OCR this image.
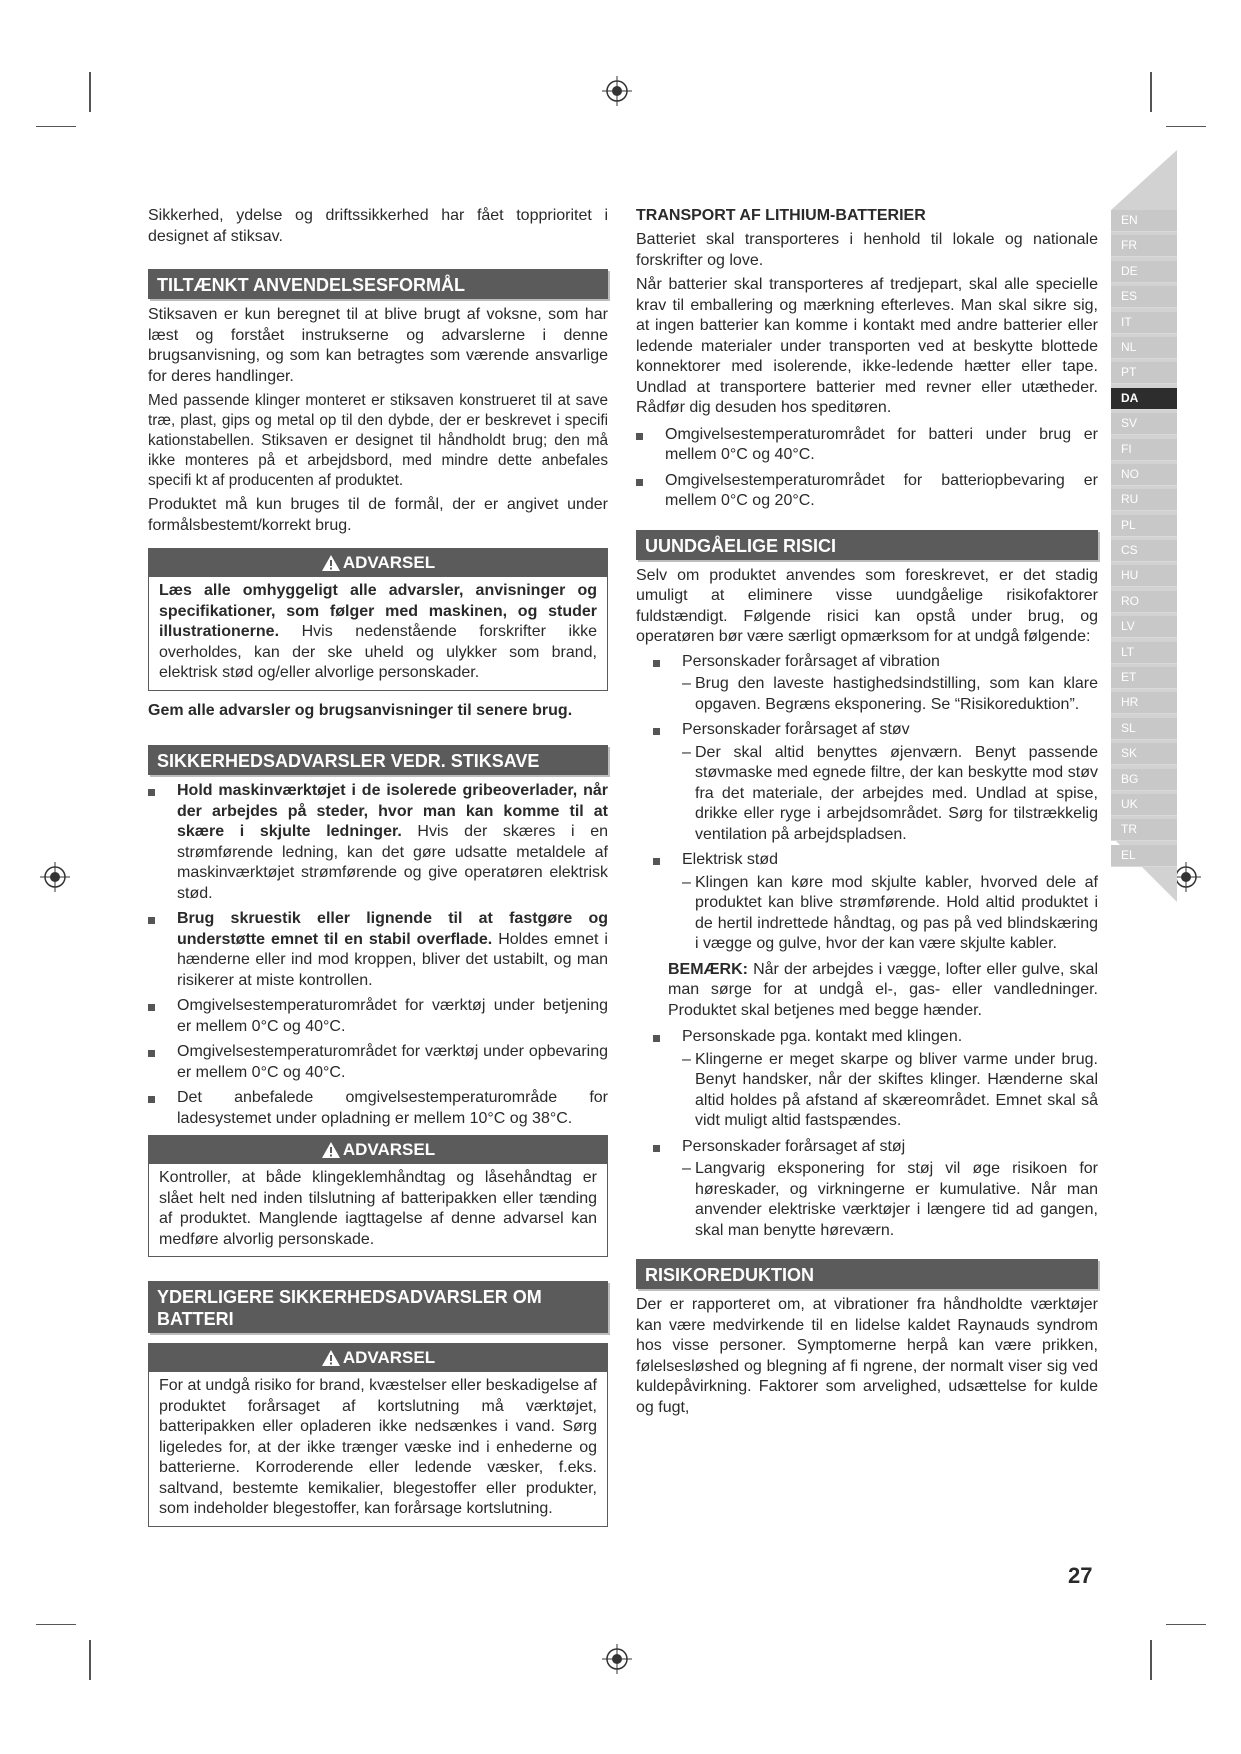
Sikkerhed, ydelse og driftssikkerhed har fået topprioritet i designet af stiksav.

TILTÆNKT ANVENDELSESFORMÅL

Stiksaven er kun beregnet til at blive brugt af voksne, som har læst og forstået instrukserne og advarslerne i denne brugsanvisning, og som kan betragtes som værende ansvarlige for deres handlinger.

Med passende klinger monteret er stiksaven konstrueret til at save træ, plast, gips og metal op til den dybde, der er beskrevet i specifi kationstabellen. Stiksaven er designet til håndholdt brug; den må ikke monteres på et arbejdsbord, med mindre dette anbefales specifi kt af producenten af produktet.

Produktet må kun bruges til de formål, der er angivet under formålsbestemt/korrekt brug.

ADVARSEL

Læs alle omhyggeligt alle advarsler, anvisninger og specifikationer, som følger med maskinen, og studer illustrationerne. Hvis nedenstående forskrifter ikke overholdes, kan der ske uheld og ulykker som brand, elektrisk stød og/eller alvorlige personskader.

Gem alle advarsler og brugsanvisninger til senere brug.

SIKKERHEDSADVARSLER VEDR. STIKSAVE
Hold maskinværktøjet i de isolerede gribeoverlader, når der arbejdes på steder, hvor man kan komme til at skære i skjulte ledninger. Hvis der skæres i en strømførende ledning, kan det gøre udsatte metaldele af maskinværktøjet strømførende og give operatøren elektrisk stød.
Brug skruestik eller lignende til at fastgøre og understøtte emnet til en stabil overflade. Holdes emnet i hænderne eller ind mod kroppen, bliver det ustabilt, og man risikerer at miste kontrollen.
Omgivelsestemperaturområdet for værktøj under betjening er mellem 0°C og 40°C.
Omgivelsestemperaturområdet for værktøj under opbevaring er mellem 0°C og 40°C.
Det anbefalede omgivelsestemperaturområde for ladesystemet under opladning er mellem 10°C og 38°C.
ADVARSEL

Kontroller, at både klingeklemhåndtag og låsehåndtag er slået helt ned inden tilslutning af batteripakken eller tænding af produktet. Manglende iagttagelse af denne advarsel kan medføre alvorlig personskade.

YDERLIGERE SIKKERHEDSADVARSLER OM BATTERI
ADVARSEL

For at undgå risiko for brand, kvæstelser eller beskadigelse af produktet forårsaget af kortslutning må værktøjet, batteripakken eller opladeren ikke nedsænkes i vand. Sørg ligeledes for, at der ikke trænger væske ind i enhederne og batterierne. Korroderende eller ledende væsker, f.eks. saltvand, bestemte kemikalier, blegestoffer eller produkter, som indeholder blegestoffer, kan forårsage kortslutning.

TRANSPORT AF LITHIUM-BATTERIER

Batteriet skal transporteres i henhold til lokale og nationale forskrifter og love.

Når batterier skal transporteres af tredjepart, skal alle specielle krav til emballering og mærkning efterleves. Man skal sikre sig, at ingen batterier kan komme i kontakt med andre batterier eller ledende materialer under transporten ved at beskytte blottede konnektorer med isolerende, ikke-ledende hætter eller tape. Undlad at transportere batterier med revner eller utætheder. Rådfør dig desuden hos speditøren.

Omgivelsestemperaturområdet for batteri under brug er mellem 0°C og 40°C.
Omgivelsestemperaturområdet for batteriopbevaring er mellem 0°C og 20°C.
UUNDGÅELIGE RISICI

Selv om produktet anvendes som foreskrevet, er det stadig umuligt at eliminere visse uundgåelige risikofaktorer fuldstændigt. Følgende risici kan opstå under brug, og operatøren bør være særligt opmærksom for at undgå følgende:

Personskader forårsaget af vibration
– Brug den laveste hastighedsindstilling, som kan klare opgaven. Begræns eksponering. Se “Risikoreduktion”.
Personskader forårsaget af støv
– Der skal altid benyttes øjenværn. Benyt passende støvmaske med egnede filtre, der kan beskytte mod støv fra det materiale, der arbejdes med. Undlad at spise, drikke eller ryge i arbejdsområdet. Sørg for tilstrækkelig ventilation på arbejdspladsen.
Elektrisk stød
– Klingen kan køre mod skjulte kabler, hvorved dele af produktet kan blive strømførende. Hold altid produktet i de hertil indrettede håndtag, og pas på ved blindskæring i vægge og gulve, hvor der kan være skjulte kabler.

BEMÆRK: Når der arbejdes i vægge, lofter eller gulve, skal man sørge for at undgå el-, gas- eller vandledninger. Produktet skal betjenes med begge hænder.

Personskade pga. kontakt med klingen.
– Klingerne er meget skarpe og bliver varme under brug. Benyt handsker, når der skiftes klinger. Hænderne skal altid holdes på afstand af skæreområdet. Emnet skal så vidt muligt altid fastspændes.
Personskader forårsaget af støj
– Langvarig eksponering for støj vil øge risikoen for høreskader, og virkningerne er kumulative. Når man anvender elektriske værktøjer i længere tid ad gangen, skal man benytte høreværn.
RISIKOREDUKTION

Der er rapporteret om, at vibrationer fra håndholdte værktøjer kan være medvirkende til en lidelse kaldet Raynauds syndrom hos visse personer. Symptomerne herpå kan være prikken, følelsesløshed og blegning af fi ngrene, der normalt viser sig ved kuldepåvirkning. Faktorer som arvelighed, udsættelse for kulde og fugt,

EN
FR
DE
ES
IT
NL
PT
DA
SV
FI
NO
RU
PL
CS
HU
RO
LV
LT
ET
HR
SL
SK
BG
UK
TR
EL
27
